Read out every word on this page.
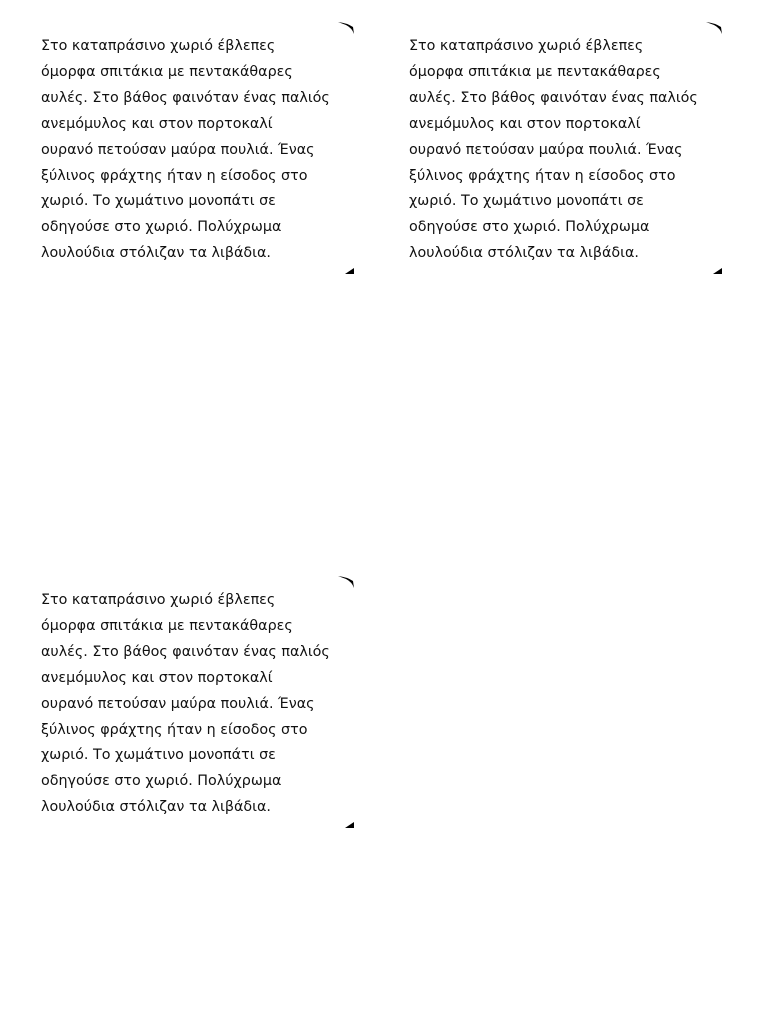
Στο καταπράσινο χωριό έβλεπες
όμορφα σπιτάκια με πεντακάθαρες
αυλές. Στο βάθος φαινόταν ένας παλιός
ανεμόμυλος και στον πορτοκαλί
ουρανό πετούσαν μαύρα πουλιά. Ένας
ξύλινος φράχτης ήταν η είσοδος στο
χωριό. Το χωμάτινο μονοπάτι σε
οδηγούσε στο χωριό. Πολύχρωμα
λουλούδια στόλιζαν τα λιβάδια.

Στο καταπράσινο χωριό έβλεπες
όμορφα σπιτάκια με πεντακάθαρες
αυλές. Στο βάθος φαινόταν ένας παλιός
ανεμόμυλος και στον πορτοκαλί
ουρανό πετούσαν μαύρα πουλιά. Ένας
ξύλινος φράχτης ήταν η είσοδος στο
χωριό. Το χωμάτινο μονοπάτι σε
οδηγούσε στο χωριό. Πολύχρωμα
λουλούδια στόλιζαν τα λιβάδια.

Στο καταπράσινο χωριό έβλεπες
όμορφα σπιτάκια με πεντακάθαρες
αυλές. Στο βάθος φαινόταν ένας παλιός
ανεμόμυλος και στον πορτοκαλί
ουρανό πετούσαν μαύρα πουλιά. Ένας
ξύλινος φράχτης ήταν η είσοδος στο
χωριό. Το χωμάτινο μονοπάτι σε
οδηγούσε στο χωριό. Πολύχρωμα
λουλούδια στόλιζαν τα λιβάδια.
